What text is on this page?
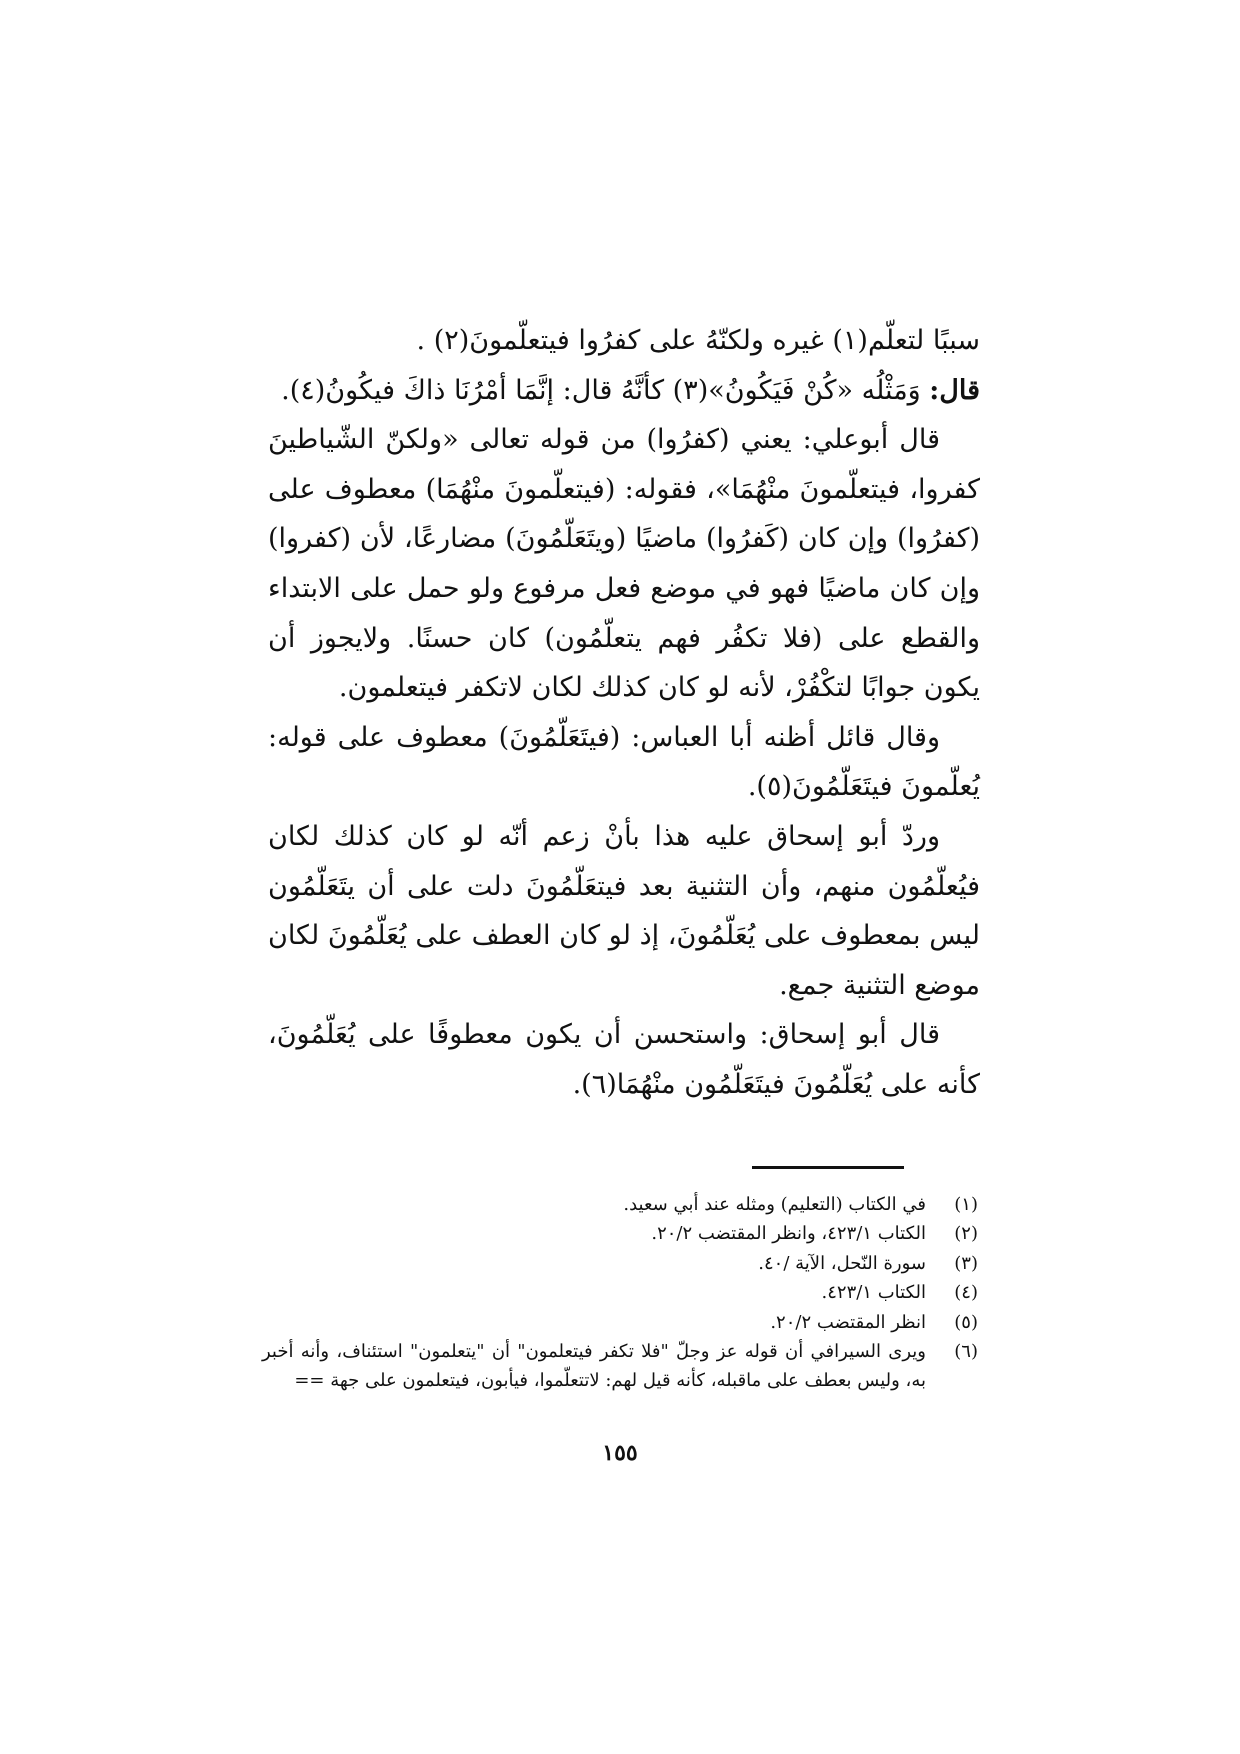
سببًا لتعلّم(١) غيره ولكنّهُ على كفرُوا فيتعلّمونَ(٢) .

قال: وَمَثْلُه «كُنْ فَيَكُونُ»(٣) كأنَّهُ قال: إنَّمَا أمْرُنَا ذاكَ فيكُونُ(٤).

قال أبوعلي: يعني (كفرُوا) من قوله تعالى «ولكنّ الشّياطينَ كفروا، فيتعلّمونَ منْهُمَا»، فقوله: (فيتعلّمونَ منْهُمَا) معطوف على (كفرُوا) وإن كان (كَفرُوا) ماضيًا (ويتَعَلّمُونَ) مضارعًا، لأن (كفروا) وإن كان ماضيًا فهو في موضع فعل مرفوع ولو حمل على الابتداء والقطع على (فلا تكفُر فهم يتعلّمُون) كان حسنًا. ولايجوز أن يكون جوابًا لتكْفُرْ، لأنه لو كان كذلك لكان لاتكفر فيتعلمون.

وقال قائل أظنه أبا العباس: (فيتَعَلّمُونَ) معطوف على قوله: يُعلّمونَ فيتَعَلّمُونَ(٥).

وردّ أبو إسحاق عليه هذا بأنْ زعم أنّه لو كان كذلك لكان فيُعلّمُون منهم، وأن التثنية بعد فيتعَلّمُونَ دلت على أن يتَعَلّمُون ليس بمعطوف على يُعَلّمُونَ، إذ لو كان العطف على يُعَلّمُونَ لكان موضع التثنية جمع.

قال أبو إسحاق: واستحسن أن يكون معطوفًا على يُعَلّمُونَ، كأنه على يُعَلّمُونَ فيتَعَلّمُون منْهُمَا(٦).

(١)
في الكتاب (التعليم) ومثله عند أبي سعيد.
(٢)
الكتاب ٤٢٣/١، وانظر المقتضب ٢٠/٢.
(٣)
سورة النّحل، الآية /٤٠.
(٤)
الكتاب ٤٢٣/١.
(٥)
انظر المقتضب ٢٠/٢.
(٦)
ويرى السيرافي أن قوله عز وجلّ "فلا تكفر فيتعلمون" أن "يتعلمون" استئناف، وأنه أخبر به، وليس بعطف على ماقبله، كأنه قيل لهم: لاتتعلّموا، فيأبون، فيتعلمون على جهة ==
١٥٥
